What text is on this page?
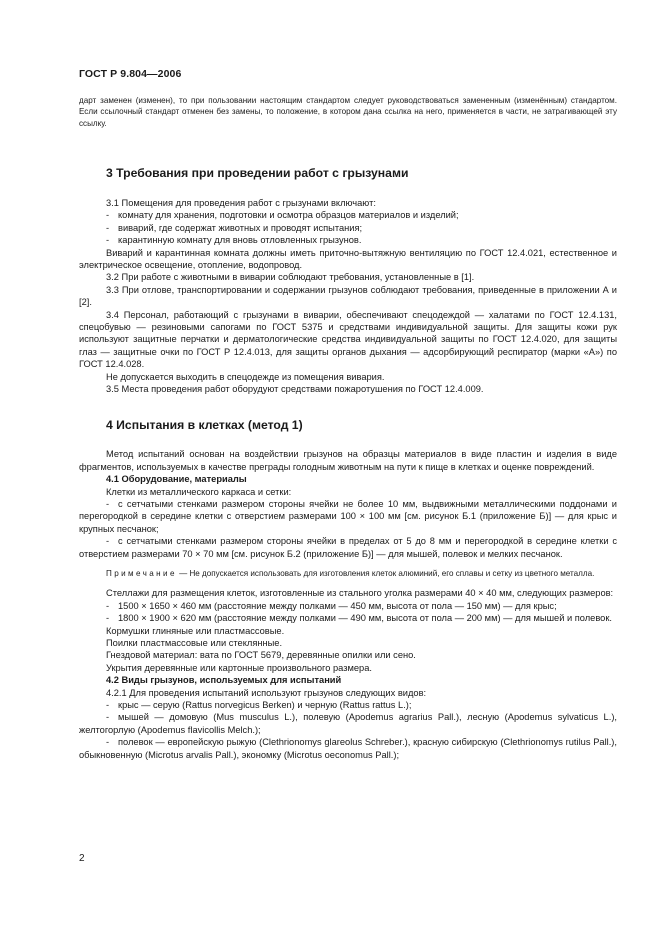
ГОСТ Р 9.804—2006

дарт заменен (изменен), то при пользовании настоящим стандартом следует руководствоваться замененным (изменённым) стандартом. Если ссылочный стандарт отменен без замены, то положение, в котором дана ссылка на него, применяется в части, не затрагивающей эту ссылку.

3 Требования при проведении работ с грызунами

3.1 Помещения для проведения работ с грызунами включают:

- комнату для хранения, подготовки и осмотра образцов материалов и изделий;

- виварий, где содержат животных и проводят испытания;

- карантинную комнату для вновь отловленных грызунов.

Виварий и карантинная комната должны иметь приточно-вытяжную вентиляцию по ГОСТ 12.4.021, естественное и электрическое освещение, отопление, водопровод.

3.2 При работе с животными в виварии соблюдают требования, установленные в [1].

3.3 При отлове, транспортировании и содержании грызунов соблюдают требования, приведенные в приложении А и [2].

3.4 Персонал, работающий с грызунами в виварии, обеспечивают спецодеждой — халатами по ГОСТ 12.4.131, спецобувью — резиновыми сапогами по ГОСТ 5375 и средствами индивидуальной защиты. Для защиты кожи рук используют защитные перчатки и дерматологические средства индивидуальной защиты по ГОСТ 12.4.020, для защиты глаз — защитные очки по ГОСТ Р 12.4.013, для защиты органов дыхания — адсорбирующий респиратор (марки «А») по ГОСТ 12.4.028.

Не допускается выходить в спецодежде из помещения вивария.

3.5 Места проведения работ оборудуют средствами пожаротушения по ГОСТ 12.4.009.

4 Испытания в клетках (метод 1)

Метод испытаний основан на воздействии грызунов на образцы материалов в виде пластин и изделия в виде фрагментов, используемых в качестве преграды голодным животным на пути к пище в клетках и оценке повреждений.

4.1 Оборудование, материалы

Клетки из металлического каркаса и сетки:

- с сетчатыми стенками размером стороны ячейки не более 10 мм, выдвижными металлическими поддонами и перегородкой в середине клетки с отверстием размерами 100 × 100 мм [см. рисунок Б.1 (приложение Б)] — для крыс и крупных песчанок;

- с сетчатыми стенками размером стороны ячейки в пределах от 5 до 8 мм и перегородкой в середине клетки с отверстием размерами 70 × 70 мм [см. рисунок Б.2 (приложение Б)] — для мышей, полевок и мелких песчанок.

Примечание — Не допускается использовать для изготовления клеток алюминий, его сплавы и сетку из цветного металла.

Стеллажи для размещения клеток, изготовленные из стального уголка размерами 40 × 40 мм, следующих размеров:

- 1500 × 1650 × 460 мм (расстояние между полками — 450 мм, высота от пола — 150 мм) — для крыс;

- 1800 × 1900 × 620 мм (расстояние между полками — 490 мм, высота от пола — 200 мм) — для мышей и полевок.

Кормушки глиняные или пластмассовые.

Поилки пластмассовые или стеклянные.

Гнездовой материал: вата по ГОСТ 5679, деревянные опилки или сено.

Укрытия деревянные или картонные произвольного размера.

4.2 Виды грызунов, используемых для испытаний

4.2.1 Для проведения испытаний используют грызунов следующих видов:

- крыс — серую (Rattus norvegicus Berken) и черную (Rattus rattus L.);

- мышей — домовую (Mus musculus L.), полевую (Apodemus agrarius Pall.), лесную (Apodemus sylvaticus L.), желтогорлую (Apodemus flavicollis Melch.);

- полевок — европейскую рыжую (Clethrionomys glareolus Schreber.), красную сибирскую (Clethrionomys rutilus Pall.), обыкновенную (Microtus arvalis Pall.), экономку (Microtus oeconomus Pall.);

2
